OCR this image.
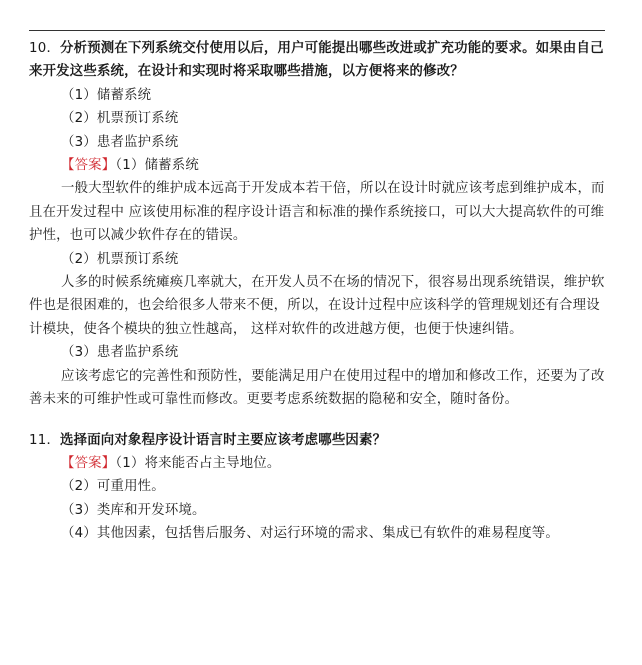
10．分析预测在下列系统交付使用以后，用户可能提出哪些改进或扩充功能的要求。如果由自己来开发这些系统，在设计和实现时将采取哪些措施，以方便将来的修改？

（1）储蓄系统

（2）机票预订系统

（3）患者监护系统

【答案】（1）储蓄系统

一般大型软件的维护成本远高于开发成本若干倍，所以在设计时就应该考虑到维护成本，而且在开发过程中 应该使用标准的程序设计语言和标准的操作系统接口，可以大大提高软件的可维护性，也可以减少软件存在的错误。

（2）机票预订系统

人多的时候系统瘫痪几率就大，在开发人员不在场的情况下，很容易出现系统错误，维护软件也是很困难的，也会给很多人带来不便，所以，在设计过程中应该科学的管理规划还有合理设计模块，使各个模块的独立性越高， 这样对软件的改进越方便，也便于快速纠错。

（3）患者监护系统

应该考虑它的完善性和预防性，要能满足用户在使用过程中的增加和修改工作，还要为了改善未来的可维护性或可靠性而修改。更要考虑系统数据的隐秘和安全，随时备份。

11．选择面向对象程序设计语言时主要应该考虑哪些因素？

【答案】（1）将来能否占主导地位。

（2）可重用性。

（3）类库和开发环境。

（4）其他因素，包括售后服务、对运行环境的需求、集成已有软件的难易程度等。
